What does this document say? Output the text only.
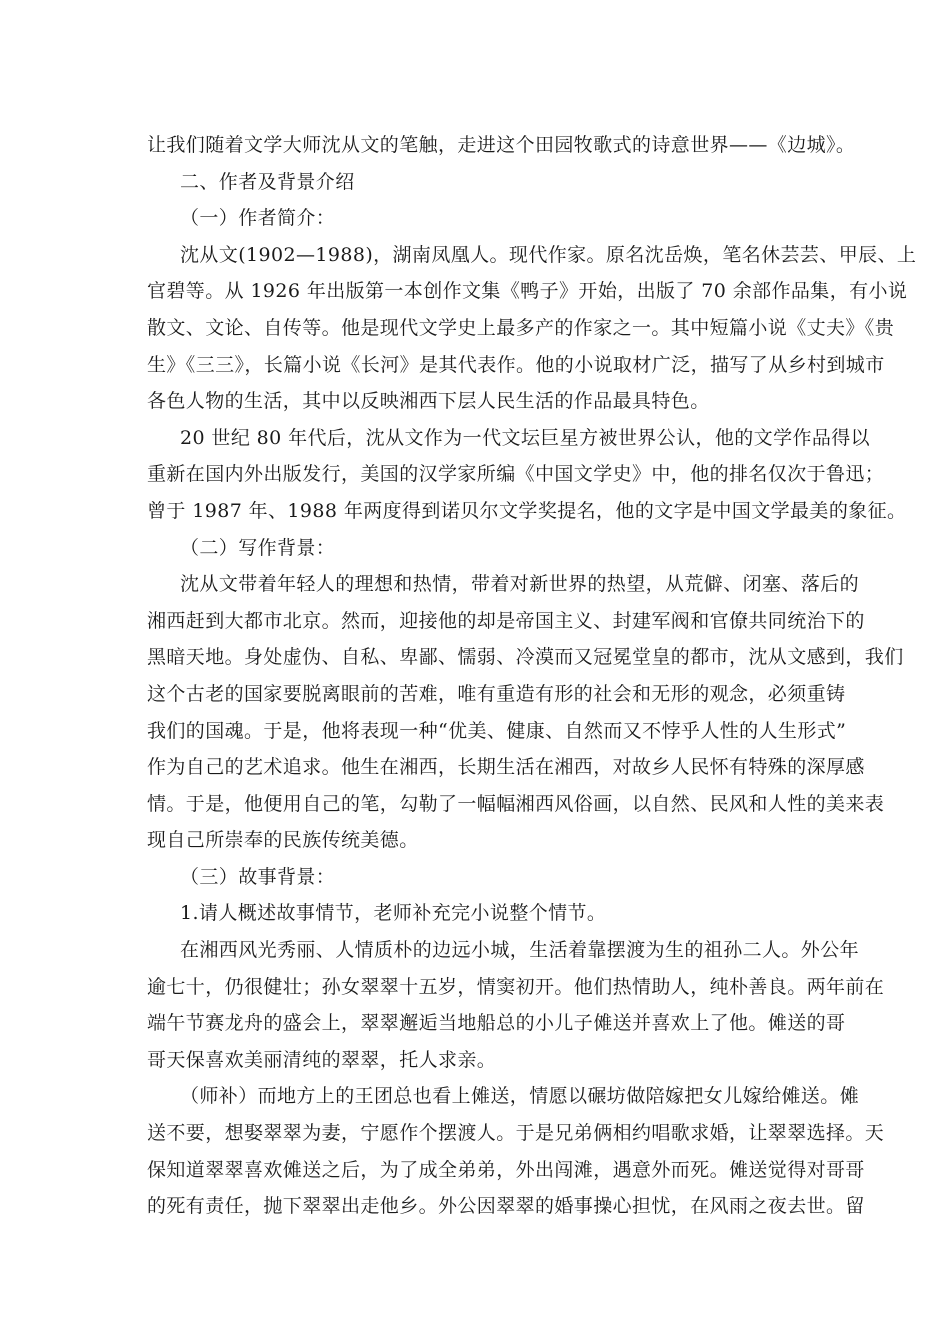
让我们随着文学大师沈从文的笔触，走进这个田园牧歌式的诗意世界——《边城》。
二、作者及背景介绍
（一）作者简介：
沈从文(1902—1988)，湖南凤凰人。现代作家。原名沈岳焕，笔名休芸芸、甲辰、上
官碧等。从 1926 年出版第一本创作文集《鸭子》开始，出版了 70 余部作品集，有小说
散文、文论、自传等。他是现代文学史上最多产的作家之一。其中短篇小说《丈夫》《贵
生》《三三》，长篇小说《长河》是其代表作。他的小说取材广泛，描写了从乡村到城市
各色人物的生活，其中以反映湘西下层人民生活的作品最具特色。
20 世纪 80 年代后，沈从文作为一代文坛巨星方被世界公认，他的文学作品得以
重新在国内外出版发行，美国的汉学家所编《中国文学史》中，他的排名仅次于鲁迅；
曾于 1987 年、1988 年两度得到诺贝尔文学奖提名，他的文字是中国文学最美的象征。
（二）写作背景：
沈从文带着年轻人的理想和热情，带着对新世界的热望，从荒僻、闭塞、落后的
湘西赶到大都市北京。然而，迎接他的却是帝国主义、封建军阀和官僚共同统治下的
黑暗天地。身处虚伪、自私、卑鄙、懦弱、冷漠而又冠冕堂皇的都市，沈从文感到，我们
这个古老的国家要脱离眼前的苦难，唯有重造有形的社会和无形的观念，必须重铸
我们的国魂。于是，他将表现一种“优美、健康、自然而又不悖乎人性的人生形式”
作为自己的艺术追求。他生在湘西，长期生活在湘西，对故乡人民怀有特殊的深厚感
情。于是，他便用自己的笔，勾勒了一幅幅湘西风俗画，以自然、民风和人性的美来表
现自己所崇奉的民族传统美德。
（三）故事背景：
1.请人概述故事情节，老师补充完小说整个情节。
在湘西风光秀丽、人情质朴的边远小城，生活着靠摆渡为生的祖孙二人。外公年
逾七十，仍很健壮；孙女翠翠十五岁，情窦初开。他们热情助人，纯朴善良。两年前在
端午节赛龙舟的盛会上，翠翠邂逅当地船总的小儿子傩送并喜欢上了他。傩送的哥
哥天保喜欢美丽清纯的翠翠，托人求亲。
（师补）而地方上的王团总也看上傩送，情愿以碾坊做陪嫁把女儿嫁给傩送。傩
送不要，想娶翠翠为妻，宁愿作个摆渡人。于是兄弟俩相约唱歌求婚，让翠翠选择。天
保知道翠翠喜欢傩送之后，为了成全弟弟，外出闯滩，遇意外而死。傩送觉得对哥哥
的死有责任，抛下翠翠出走他乡。外公因翠翠的婚事操心担忧，在风雨之夜去世。留
